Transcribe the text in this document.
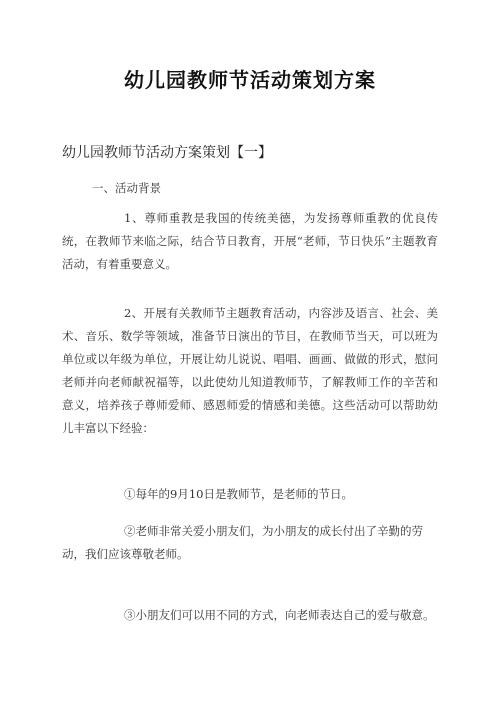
幼儿园教师节活动策划方案
幼儿园教师节活动方案策划【一】
一、活动背景

1、尊师重教是我国的传统美德，为发扬尊师重教的优良传统，在教师节来临之际，结合节日教育，开展“老师，节日快乐”主题教育活动，有着重要意义。

2、开展有关教师节主题教育活动，内容涉及语言、社会、美术、音乐、数学等领域，准备节日演出的节目，在教师节当天，可以班为单位或以年级为单位，开展让幼儿说说、唱唱、画画、做做的形式，慰问老师并向老师献祝福等，以此使幼儿知道教师节，了解教师工作的辛苦和意义，培养孩子尊师爱师、感恩师爱的情感和美德。这些活动可以帮助幼儿丰富以下经验：

①每年的9月10日是教师节，是老师的节日。

②老师非常关爱小朋友们，为小朋友的成长付出了辛勤的劳动，我们应该尊敬老师。

③小朋友们可以用不同的方式，向老师表达自己的爱与敬意。
